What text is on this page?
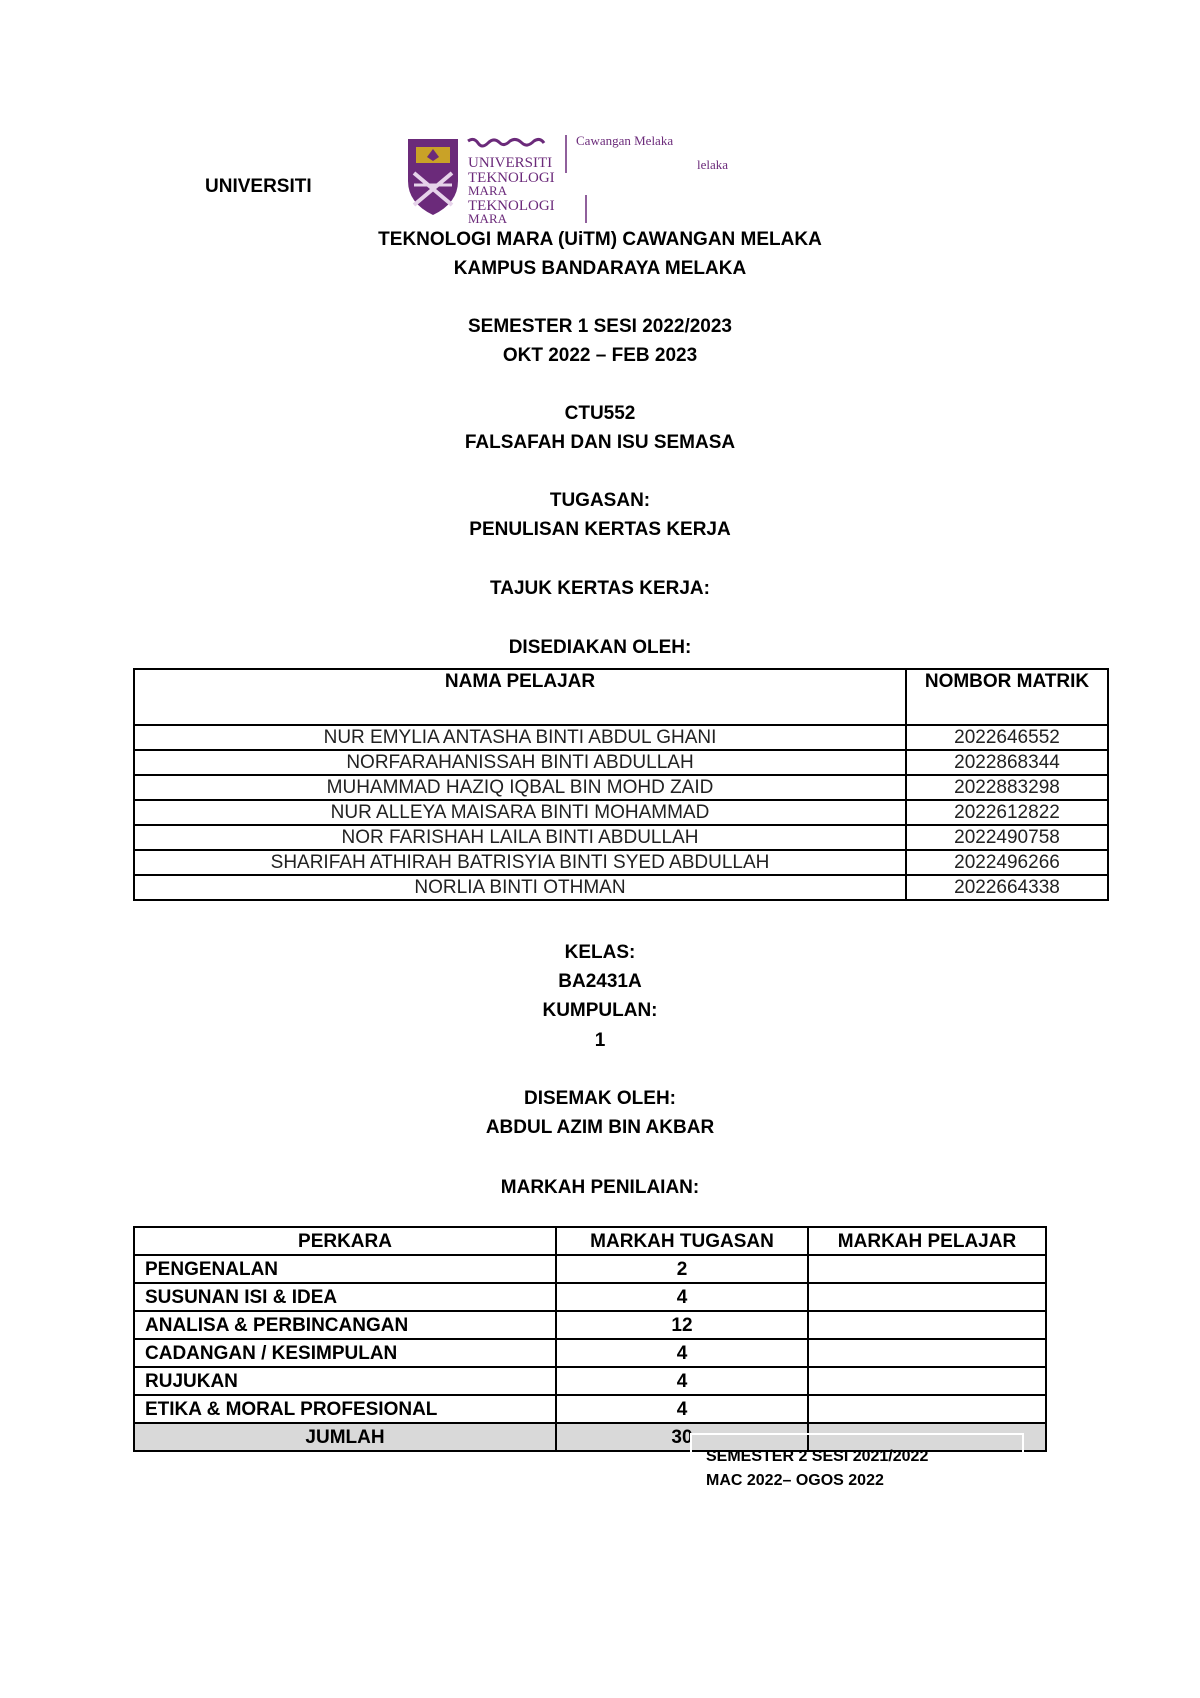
UNIVERSITI
UNIVERSITI
TEKNOLOGI
MARA
TEKNOLOGI
MARA
Cawangan Melaka
lelaka
TEKNOLOGI MARA (UiTM) CAWANGAN MELAKA
KAMPUS BANDARAYA MELAKA
SEMESTER 1 SESI 2022/2023
OKT 2022 – FEB 2023
CTU552
FALSAFAH DAN ISU SEMASA
TUGASAN:
PENULISAN KERTAS KERJA
TAJUK KERTAS KERJA:
DISEDIAKAN OLEH:
NAMA PELAJAR	NOMBOR MATRIK
NUR EMYLIA ANTASHA BINTI ABDUL GHANI	2022646552
NORFARAHANISSAH BINTI ABDULLAH	2022868344
MUHAMMAD HAZIQ IQBAL BIN MOHD ZAID	2022883298
NUR ALLEYA MAISARA BINTI MOHAMMAD	2022612822
NOR FARISHAH LAILA BINTI ABDULLAH	2022490758
SHARIFAH ATHIRAH BATRISYIA BINTI SYED ABDULLAH	2022496266
NORLIA BINTI OTHMAN	2022664338
KELAS:
BA2431A
KUMPULAN:
1
DISEMAK OLEH:
ABDUL AZIM BIN AKBAR
MARKAH PENILAIAN:
PERKARA	MARKAH TUGASAN	MARKAH PELAJAR
PENGENALAN	2	
SUSUNAN ISI & IDEA	4	
ANALISA & PERBINCANGAN	12	
CADANGAN / KESIMPULAN	4	
RUJUKAN	4	
ETIKA & MORAL PROFESIONAL	4	
JUMLAH	30	
SEMESTER 2 SESI 2021/2022
MAC 2022– OGOS 2022
